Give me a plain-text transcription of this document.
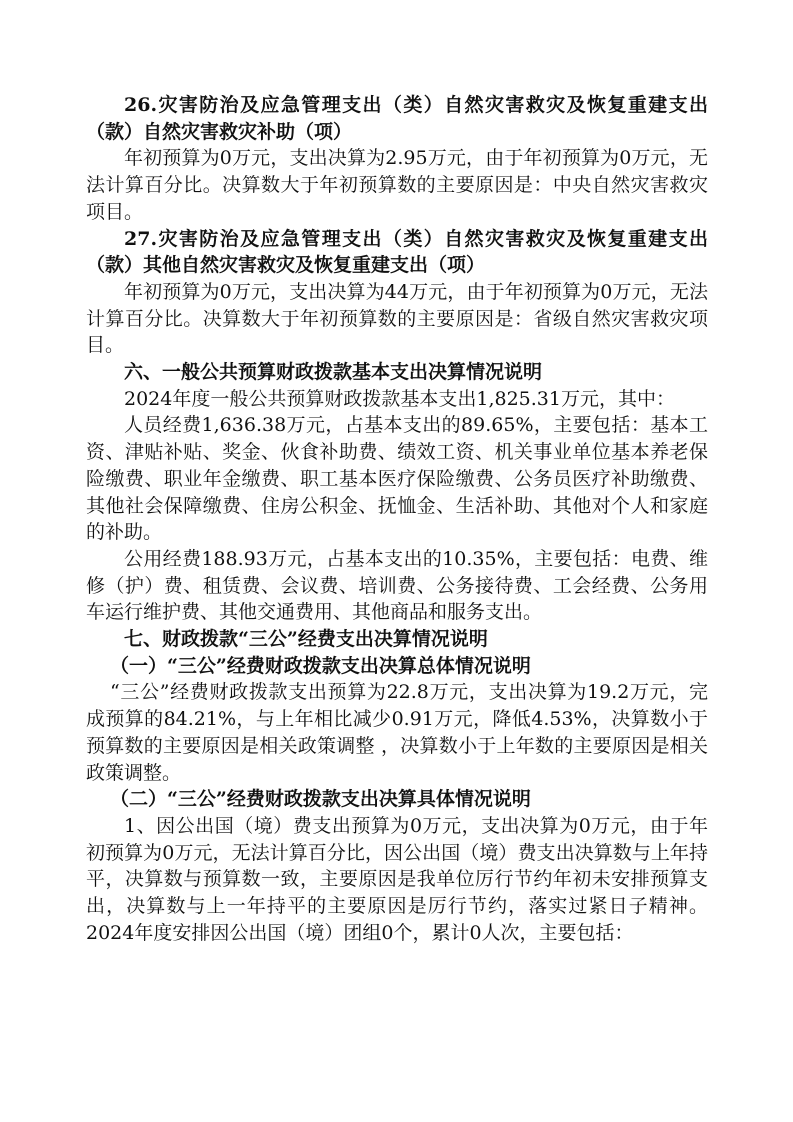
26.灾害防治及应急管理支出（类）自然灾害救灾及恢复重建支出（款）自然灾害救灾补助（项）

年初预算为0万元，支出决算为2.95万元，由于年初预算为0万元，无法计算百分比。决算数大于年初预算数的主要原因是：中央自然灾害救灾项目。

27.灾害防治及应急管理支出（类）自然灾害救灾及恢复重建支出（款）其他自然灾害救灾及恢复重建支出（项）

年初预算为0万元，支出决算为44万元，由于年初预算为0万元，无法计算百分比。决算数大于年初预算数的主要原因是：省级自然灾害救灾项目。

六、一般公共预算财政拨款基本支出决算情况说明

2024年度一般公共预算财政拨款基本支出1,825.31万元，其中：

人员经费1,636.38万元，占基本支出的89.65%，主要包括：基本工资、津贴补贴、奖金、伙食补助费、绩效工资、机关事业单位基本养老保险缴费、职业年金缴费、职工基本医疗保险缴费、公务员医疗补助缴费、其他社会保障缴费、住房公积金、抚恤金、生活补助、其他对个人和家庭的补助。

公用经费188.93万元，占基本支出的10.35%，主要包括：电费、维修（护）费、租赁费、会议费、培训费、公务接待费、工会经费、公务用车运行维护费、其他交通费用、其他商品和服务支出。

七、财政拨款“三公”经费支出决算情况说明

（一）“三公”经费财政拨款支出决算总体情况说明

“三公”经费财政拨款支出预算为22.8万元，支出决算为19.2万元，完成预算的84.21%，与上年相比减少0.91万元，降低4.53%，决算数小于预算数的主要原因是相关政策调整 ，决算数小于上年数的主要原因是相关政策调整。

（二）“三公”经费财政拨款支出决算具体情况说明

1、因公出国（境）费支出预算为0万元，支出决算为0万元，由于年初预算为0万元，无法计算百分比，因公出国（境）费支出决算数与上年持平，决算数与预算数一致，主要原因是我单位厉行节约年初未安排预算支出，决算数与上一年持平的主要原因是厉行节约，落实过紧日子精神。2024年度安排因公出国（境）团组0个，累计0人次，主要包括：
